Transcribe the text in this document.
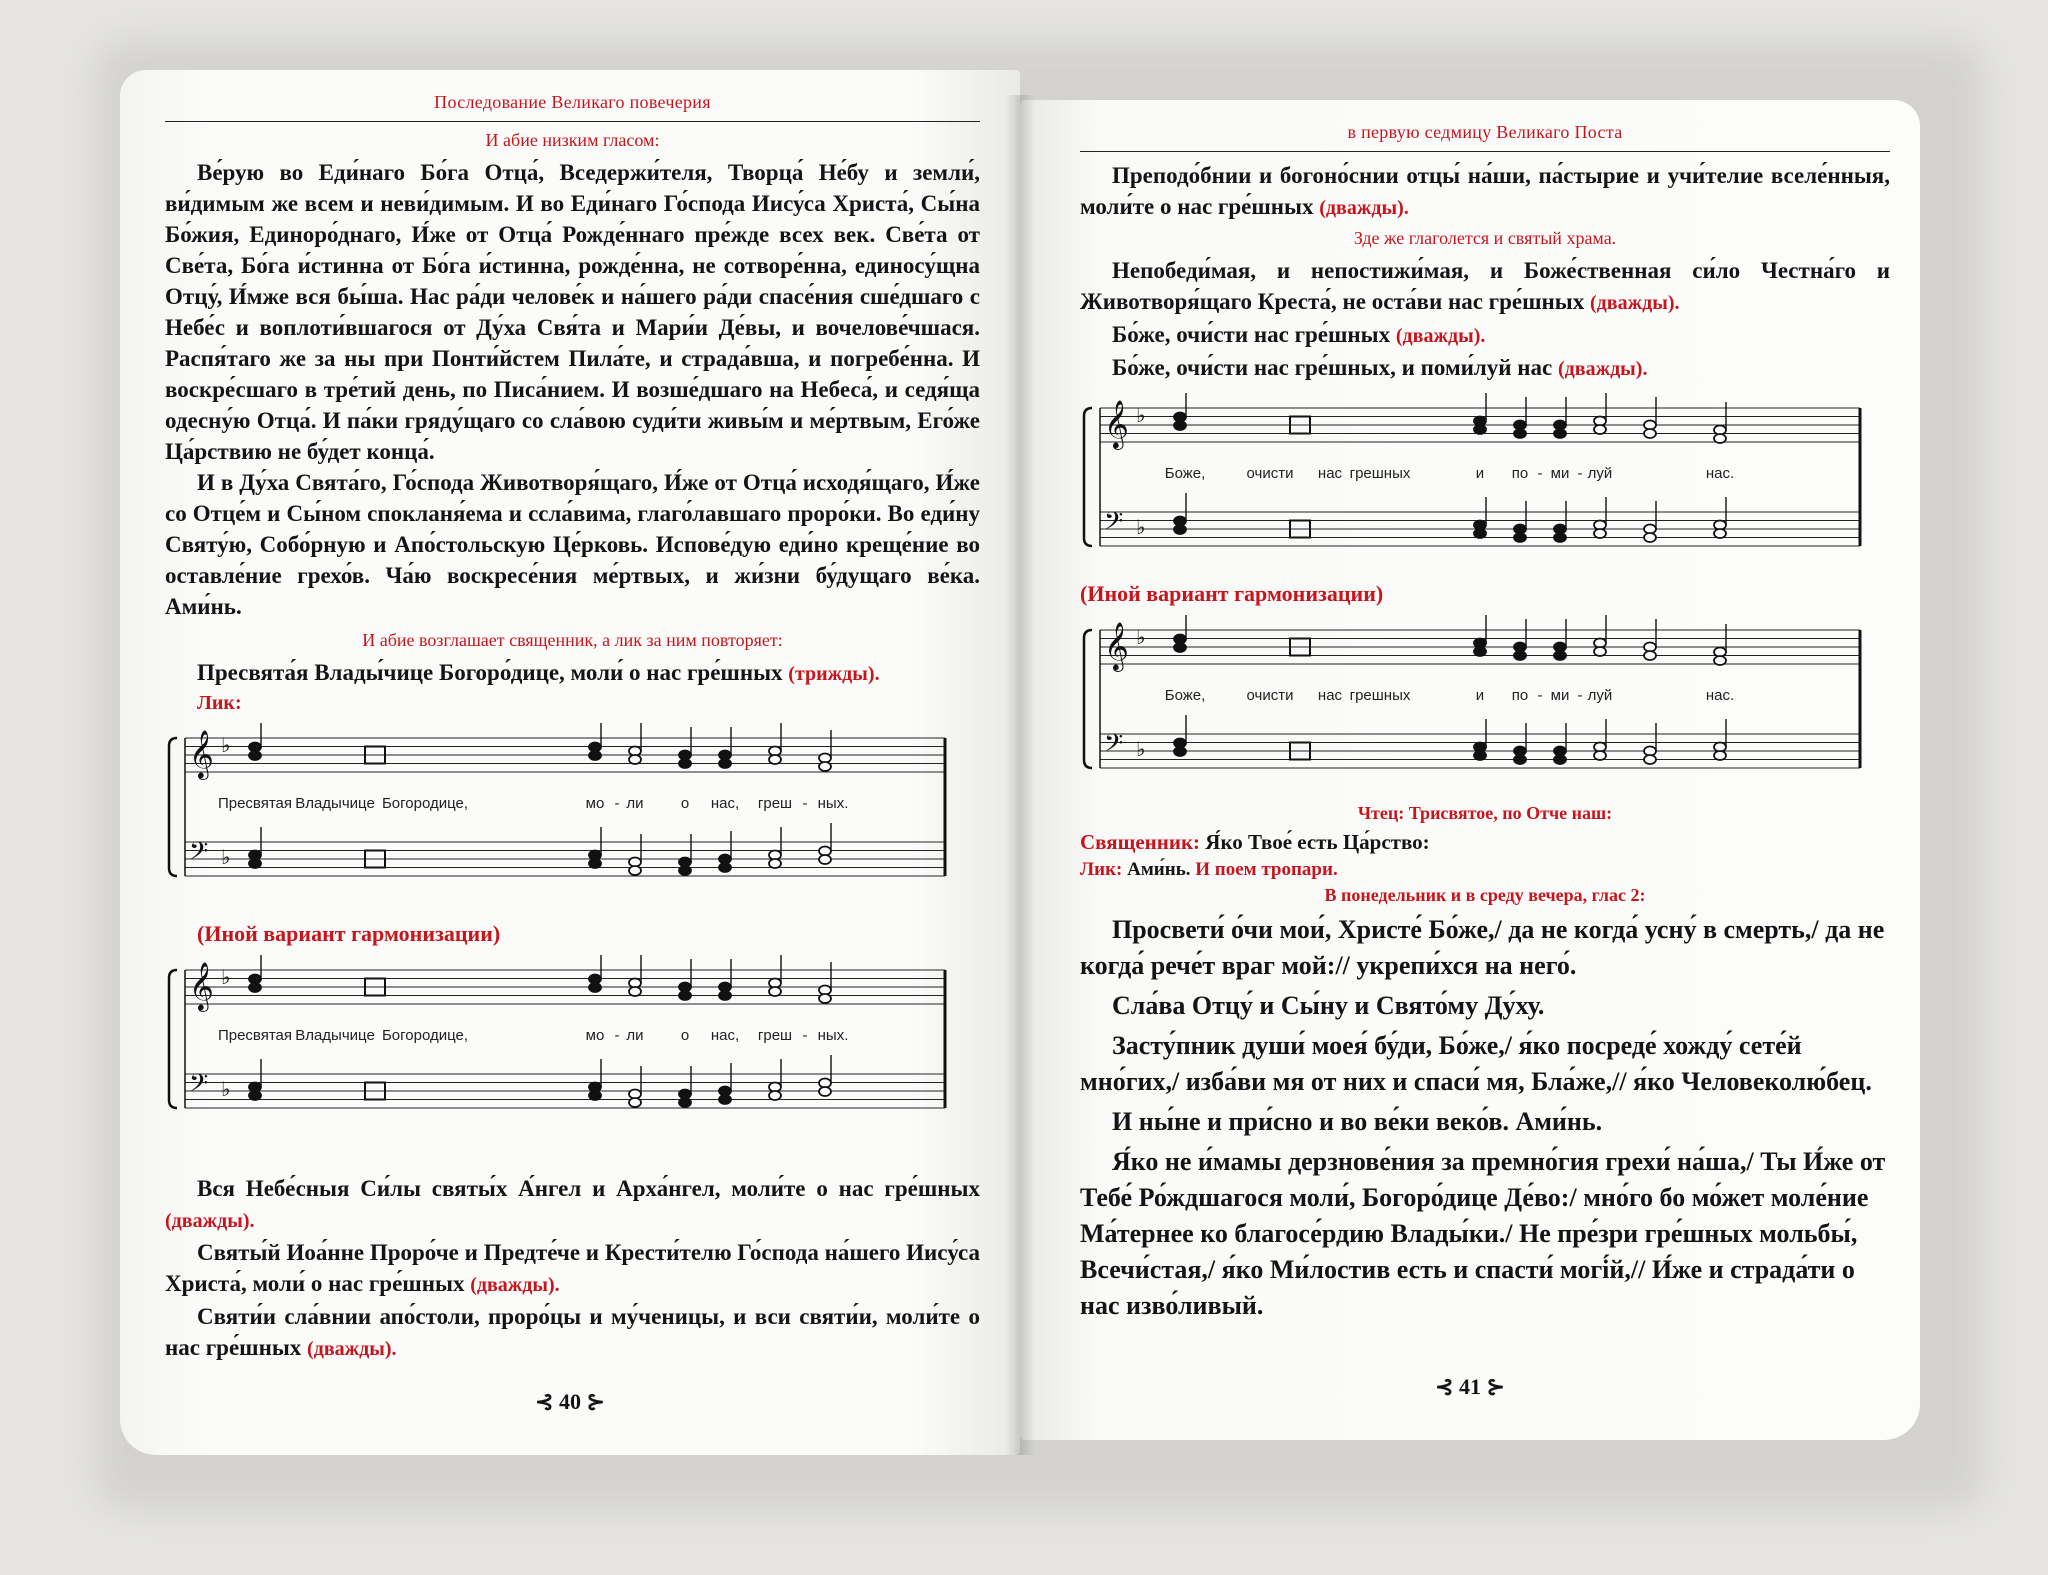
Последование Великаго повечерия
И абие низким гласом:

Ве́рую во Еди́наго Бо́га Отца́, Вседержи́теля, Творца́ Не́бу и земли́, ви́димым же всем и неви́димым. И во Еди́наго Го́спода Иису́са Христа́, Сы́на Бо́жия, Единоро́днаго, И́же от Отца́ Рожде́ннаго пре́жде всех век. Све́та от Све́та, Бо́га и́стинна от Бо́га и́стинна, рожде́нна, не сотворе́нна, единосу́щна Отцу́, И́мже вся бы́ша. Нас ра́ди челове́к и на́шего ра́ди спасе́ния сше́дшаго с Небе́с и воплоти́вшагося от Ду́ха Свя́та и Мари́и Де́вы, и вочелове́чшася. Распя́таго же за ны при Понти́йстем Пила́те, и страда́вша, и погребе́нна. И воскре́сшаго в тре́тий день, по Писа́нием. И возше́дшаго на Небеса́, и седя́ща одесну́ю Отца́. И па́ки гряду́щаго со сла́вою суди́ти живы́м и ме́ртвым, Его́же Ца́рствию не бу́дет конца́.

И в Ду́ха Свята́го, Го́спода Животворя́щаго, И́же от Отца́ исходя́щаго, И́же со Отце́м и Сы́ном спокланя́ема и ссла́вима, глаго́лавшаго проро́ки. Во еди́ну Святу́ю, Собо́рную и Апо́стольскую Це́рковь. Испове́дую еди́но креще́ние во оставле́ние грехо́в. Ча́ю воскресе́ния ме́ртвых, и жи́зни бу́дущаго ве́ка. Ами́нь.

И абие возглашает священник, а лик за ним повторяет:
Пресвята́я Влады́чице Богоро́дице, моли́ о нас гре́шных (трижды).
Лик:
𝄞 ♭
𝄢 ♭
Пресвятая Владычице Богородице,	мо - ли о нас, греш - ных.
(Иной вариант гармонизации)
𝄞 ♭
𝄢 ♭
Пресвятая Владычице Богородице,	мо - ли о нас, греш - ных.

Вся Небе́сныя Си́лы святы́х А́нгел и Арха́нгел, моли́те о нас гре́шных (дважды).

Святы́й Иоа́нне Проро́че и Предте́че и Крести́телю Го́спода на́шего Иису́са Христа́, моли́ о нас гре́шных (дважды).

Святи́и сла́внии апо́столи, проро́цы и му́ченицы, и вси святи́и, моли́те о нас гре́шных (дважды).

⊰ 40 ⊱
в первую седмицу Великаго Поста

Преподо́бнии и богоно́снии отцы́ на́ши, па́стырие и учи́телие вселе́нныя, моли́те о нас гре́шных (дважды).

Зде же глаголется и святый храма.

Непобеди́мая, и непостижи́мая, и Боже́ственная си́ло Честна́го и Животворя́щаго Креста́, не оста́ви нас гре́шных (дважды).

Бо́же, очи́сти нас гре́шных (дважды).

Бо́же, очи́сти нас гре́шных, и поми́луй нас (дважды).

𝄞 ♭
𝄢 ♭
Боже,	очисти нас грешных	и по - ми - луй	нас.
(Иной вариант гармонизации)
𝄞 ♭
𝄢 ♭
Боже,	очисти нас грешных	и по - ми - луй	нас.
Чтец: Трисвятое, по Отче наш:
Священник: Я́ко Твое́ есть Ца́рство:
Лик: Ами́нь. И поем тропари.
В понедельник и в среду вечера, глас 2:

Просвети́ о́чи мои́, Христе́ Бо́же,/ да не когда́ усну́ в смерть,/ да не когда́ рече́т враг мой:// укрепи́хся на него́.

Сла́ва Отцу́ и Сы́ну и Свято́му Ду́ху.

Засту́пник души́ моея́ бу́ди, Бо́же,/ я́ко посреде́ хожду́ сете́й мно́гих,/ изба́ви мя от них и спаси́ мя, Бла́же,// я́ко Человеколю́бец.

И ны́не и при́сно и во ве́ки веко́в. Ами́нь.

Я́ко не и́мамы дерзнове́ния за премно́гия грехи́ на́ша,/ Ты И́же от Тебе́ Ро́ждшагося моли́, Богоро́дице Де́во:/ мно́го бо мо́жет моле́ние Ма́тернее ко благосе́рдию Влады́ки./ Не пре́зри гре́шных мольбы́, Всечи́стая,/ я́ко Ми́лостив есть и спасти́ могі́й,// И́же и страда́ти о нас изво́ливый.

⊰ 41 ⊱
